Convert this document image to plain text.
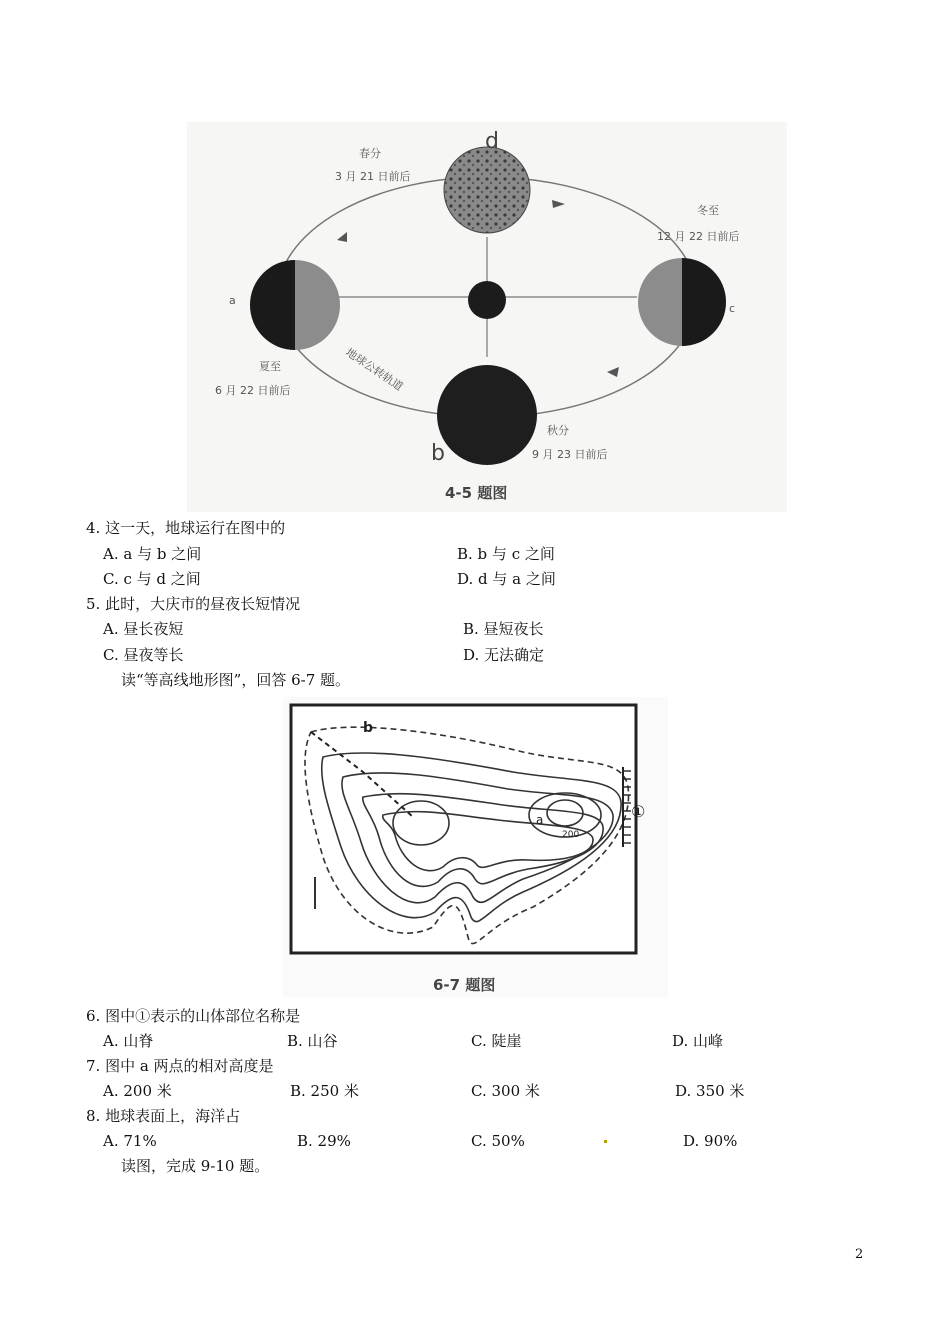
春分
3 月 21 日前后
冬至
12 月 22 日前后
夏至
6 月 22 日前后
秋分
9 月 23 日前后
地球公转轨道
a
b
c
d
4-5 题图
4. 这一天，地球运行在图中的
A. a 与 b 之间	B. b 与 c 之间
C. c 与 d 之间	D. d 与 a 之间
5. 此时，大庆市的昼夜长短情况
A. 昼长夜短	B. 昼短夜长
C. 昼夜等长	D. 无法确定
读“等高线地形图”，回答 6-7 题。
b
a
200
①
6-7 题图
6. 图中①表示的山体部位名称是
A. 山脊	B. 山谷	C. 陡崖	D. 山峰
7. 图中 a 两点的相对高度是
A. 200 米	B. 250 米	C. 300 米	D. 350 米
8. 地球表面上，海洋占
A. 71%	B. 29%	C. 50%	D. 90%
读图，完成 9-10 题。
2
